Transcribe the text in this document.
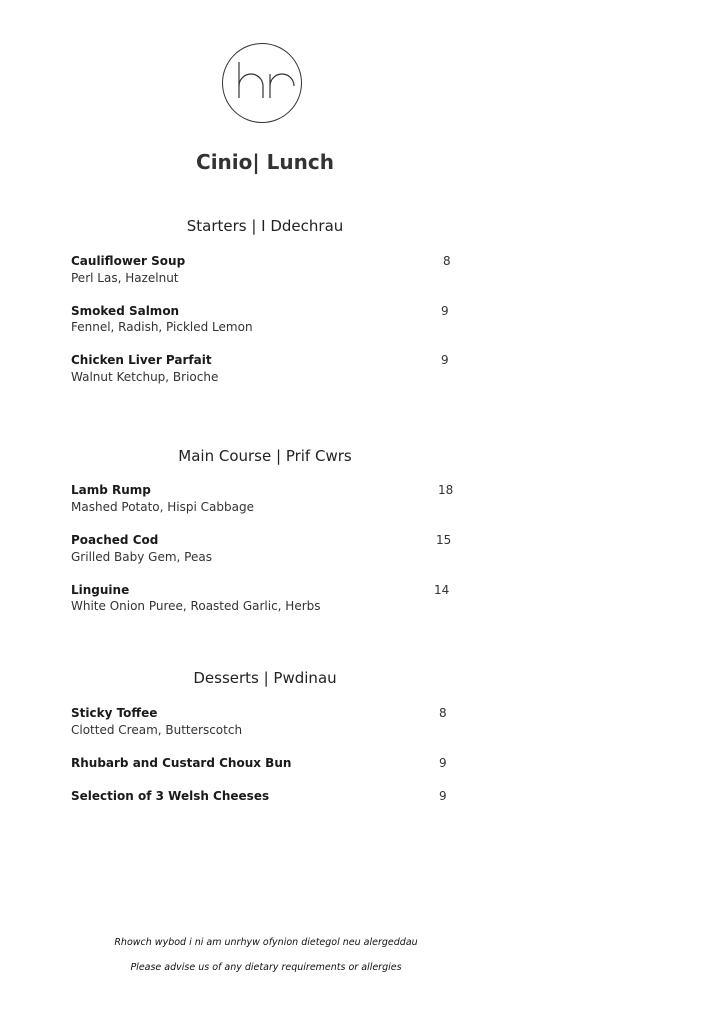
Cinio| Lunch
Starters | I Ddechrau
Cauliflower Soup	8
Perl Las, Hazelnut
Smoked Salmon	9
Fennel, Radish, Pickled Lemon
Chicken Liver Parfait	9
Walnut Ketchup, Brioche
Main Course | Prif Cwrs
Lamb Rump	18
Mashed Potato, Hispi Cabbage
Poached Cod	15
Grilled Baby Gem, Peas
Linguine	14
White Onion Puree, Roasted Garlic, Herbs
Desserts | Pwdinau
Sticky Toffee	8
Clotted Cream, Butterscotch
Rhubarb and Custard Choux Bun	9
Selection of 3 Welsh Cheeses	9
Rhowch wybod i ni am unrhyw ofynion dietegol neu alergeddau
Please advise us of any dietary requirements or allergies
